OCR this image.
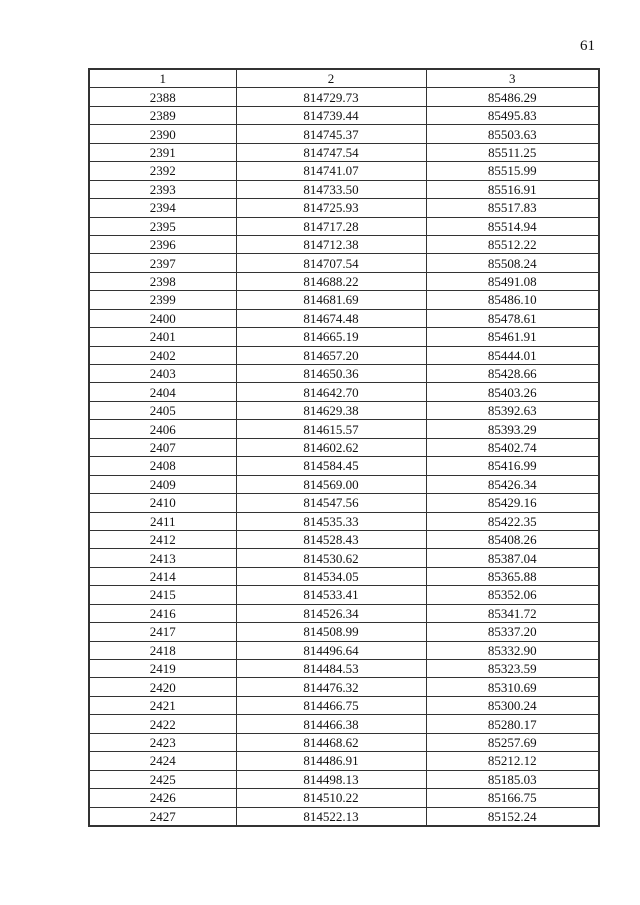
61
1	2	3
2388	814729.73	85486.29
2389	814739.44	85495.83
2390	814745.37	85503.63
2391	814747.54	85511.25
2392	814741.07	85515.99
2393	814733.50	85516.91
2394	814725.93	85517.83
2395	814717.28	85514.94
2396	814712.38	85512.22
2397	814707.54	85508.24
2398	814688.22	85491.08
2399	814681.69	85486.10
2400	814674.48	85478.61
2401	814665.19	85461.91
2402	814657.20	85444.01
2403	814650.36	85428.66
2404	814642.70	85403.26
2405	814629.38	85392.63
2406	814615.57	85393.29
2407	814602.62	85402.74
2408	814584.45	85416.99
2409	814569.00	85426.34
2410	814547.56	85429.16
2411	814535.33	85422.35
2412	814528.43	85408.26
2413	814530.62	85387.04
2414	814534.05	85365.88
2415	814533.41	85352.06
2416	814526.34	85341.72
2417	814508.99	85337.20
2418	814496.64	85332.90
2419	814484.53	85323.59
2420	814476.32	85310.69
2421	814466.75	85300.24
2422	814466.38	85280.17
2423	814468.62	85257.69
2424	814486.91	85212.12
2425	814498.13	85185.03
2426	814510.22	85166.75
2427	814522.13	85152.24
